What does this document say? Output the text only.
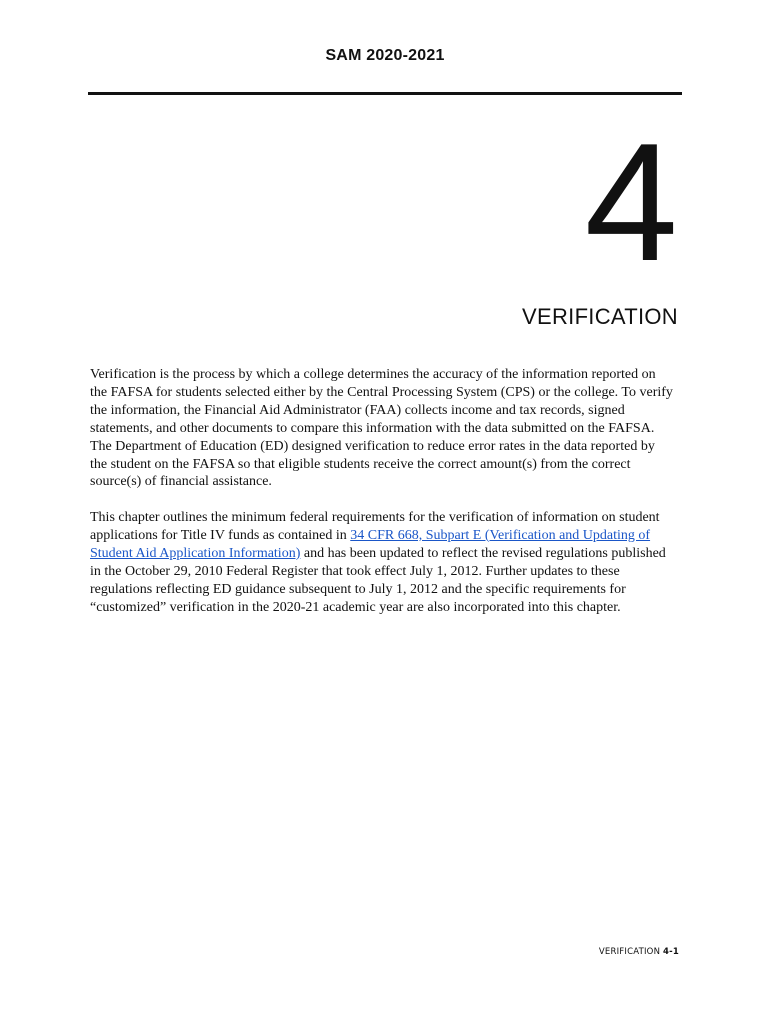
SAM 2020-2021
4
VERIFICATION

Verification is the process by which a college determines the accuracy of the information reported on the FAFSA for students selected either by the Central Processing System (CPS) or the college. To verify the information, the Financial Aid Administrator (FAA) collects income and tax records, signed statements, and other documents to compare this information with the data submitted on the FAFSA. The Department of Education (ED) designed verification to reduce error rates in the data reported by the student on the FAFSA so that eligible students receive the correct amount(s) from the correct source(s) of financial assistance.

This chapter outlines the minimum federal requirements for the verification of information on student applications for Title IV funds as contained in 34 CFR 668, Subpart E (Verification and Updating of Student Aid Application Information) and has been updated to reflect the revised regulations published in the October 29, 2010 Federal Register that took effect July 1, 2012. Further updates to these regulations reflecting ED guidance subsequent to July 1, 2012 and the specific requirements for “customized” verification in the 2020-21 academic year are also incorporated into this chapter.

VERIFICATION 4-1
